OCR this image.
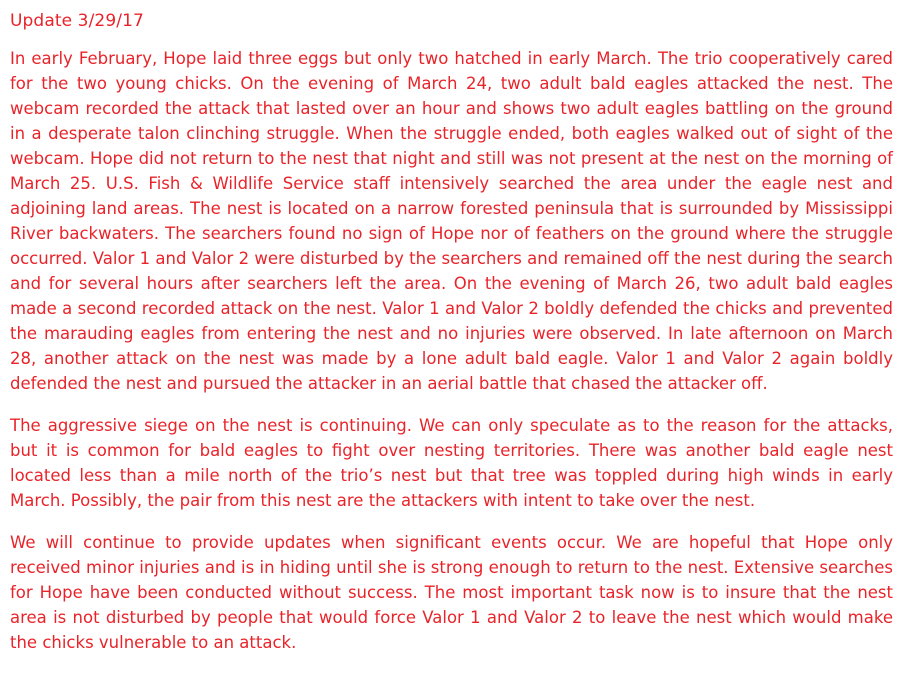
Update 3/29/17

In early February, Hope laid three eggs but only two hatched in early March. The trio cooperatively cared for the two young chicks. On the evening of March 24, two adult bald eagles attacked the nest. The webcam recorded the attack that lasted over an hour and shows two adult eagles battling on the ground in a desperate talon clinching struggle. When the struggle ended, both eagles walked out of sight of the webcam. Hope did not return to the nest that night and still was not present at the nest on the morning of March 25. U.S. Fish & Wildlife Service staff intensively searched the area under the eagle nest and adjoining land areas. The nest is located on a narrow forested peninsula that is surrounded by Mississippi River backwaters. The searchers found no sign of Hope nor of feathers on the ground where the struggle occurred. Valor 1 and Valor 2 were disturbed by the searchers and remained off the nest during the search and for several hours after searchers left the area. On the evening of March 26, two adult bald eagles made a second recorded attack on the nest. Valor 1 and Valor 2 boldly defended the chicks and prevented the marauding eagles from entering the nest and no injuries were observed. In late afternoon on March 28, another attack on the nest was made by a lone adult bald eagle. Valor 1 and Valor 2 again boldly defended the nest and pursued the attacker in an aerial battle that chased the attacker off.

The aggressive siege on the nest is continuing. We can only speculate as to the reason for the attacks, but it is common for bald eagles to fight over nesting territories. There was another bald eagle nest located less than a mile north of the trio’s nest but that tree was toppled during high winds in early March. Possibly, the pair from this nest are the attackers with intent to take over the nest.

We will continue to provide updates when significant events occur. We are hopeful that Hope only received minor injuries and is in hiding until she is strong enough to return to the nest. Extensive searches for Hope have been conducted without success. The most important task now is to insure that the nest area is not disturbed by people that would force Valor 1 and Valor 2 to leave the nest which would make the chicks vulnerable to an attack.
